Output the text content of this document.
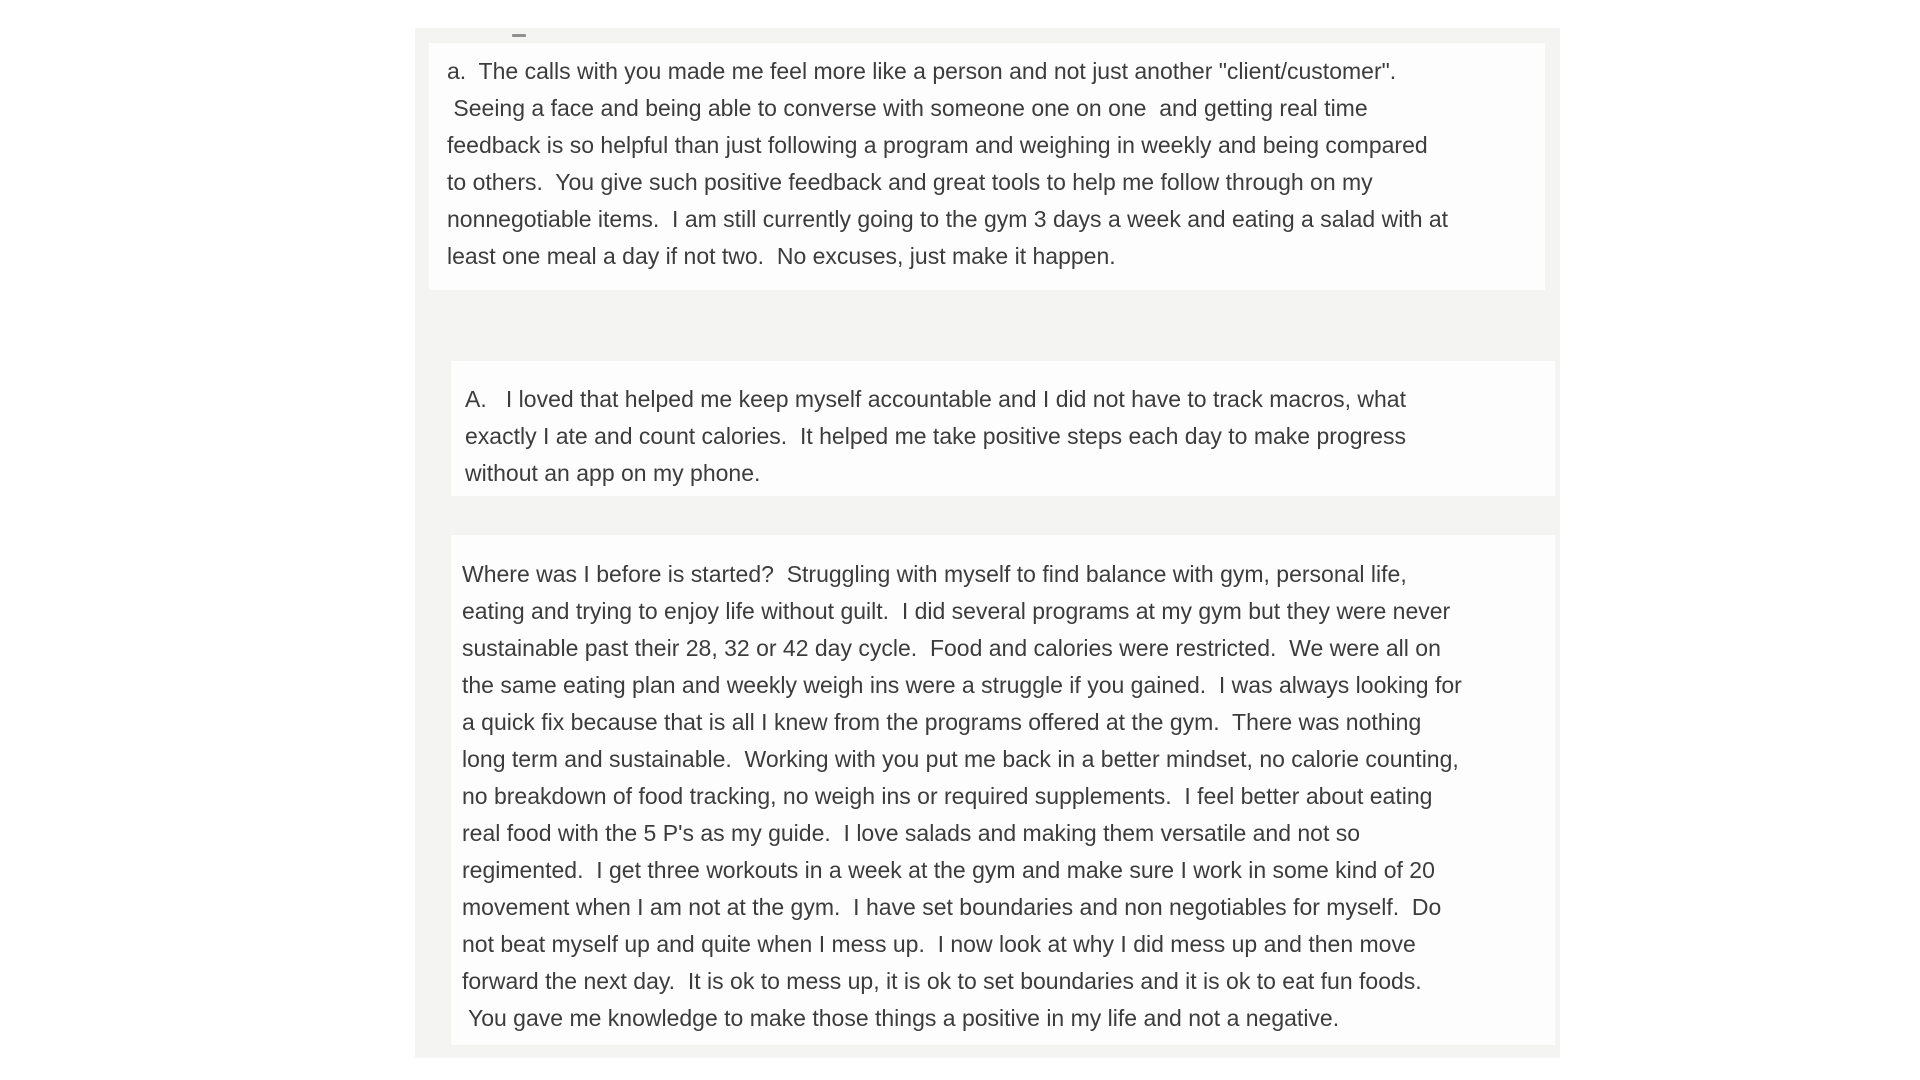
a.  The calls with you made me feel more like a person and not just another "client/customer".
Seeing a face and being able to converse with someone one on one  and getting real time
feedback is so helpful than just following a program and weighing in weekly and being compared
to others.  You give such positive feedback and great tools to help me follow through on my
nonnegotiable items.  I am still currently going to the gym 3 days a week and eating a salad with at
least one meal a day if not two.  No excuses, just make it happen.
A.   I loved that helped me keep myself accountable and I did not have to track macros, what
exactly I ate and count calories.  It helped me take positive steps each day to make progress
without an app on my phone.
Where was I before is started?  Struggling with myself to find balance with gym, personal life,
eating and trying to enjoy life without guilt.  I did several programs at my gym but they were never
sustainable past their 28, 32 or 42 day cycle.  Food and calories were restricted.  We were all on
the same eating plan and weekly weigh ins were a struggle if you gained.  I was always looking for
a quick fix because that is all I knew from the programs offered at the gym.  There was nothing
long term and sustainable.  Working with you put me back in a better mindset, no calorie counting,
no breakdown of food tracking, no weigh ins or required supplements.  I feel better about eating
real food with the 5 P's as my guide.  I love salads and making them versatile and not so
regimented.  I get three workouts in a week at the gym and make sure I work in some kind of 20
movement when I am not at the gym.  I have set boundaries and non negotiables for myself.  Do
not beat myself up and quite when I mess up.  I now look at why I did mess up and then move
forward the next day.  It is ok to mess up, it is ok to set boundaries and it is ok to eat fun foods.
You gave me knowledge to make those things a positive in my life and not a negative.
